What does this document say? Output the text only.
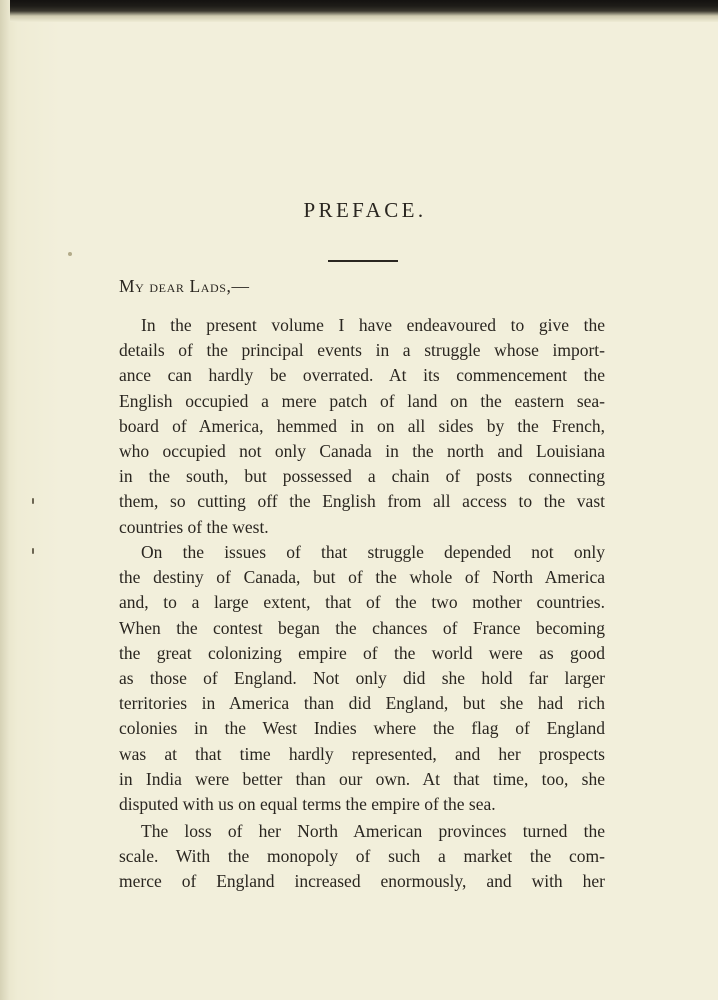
PREFACE.

My dear Lads,—

In the present volume I have endeavoured to give the
details of the principal events in a struggle whose import-
ance can hardly be overrated. At its commencement the
English occupied a mere patch of land on the eastern sea-
board of America, hemmed in on all sides by the French,
who occupied not only Canada in the north and Louisiana
in the south, but possessed a chain of posts connecting
them, so cutting off the English from all access to the vast
countries of the west.
On the issues of that struggle depended not only
the destiny of Canada, but of the whole of North America
and, to a large extent, that of the two mother countries.
When the contest began the chances of France becoming
the great colonizing empire of the world were as good
as those of England. Not only did she hold far larger
territories in America than did England, but she had rich
colonies in the West Indies where the flag of England
was at that time hardly represented, and her prospects
in India were better than our own. At that time, too, she
disputed with us on equal terms the empire of the sea.
The loss of her North American provinces turned the
scale. With the monopoly of such a market the com-
merce of England increased enormously, and with her
